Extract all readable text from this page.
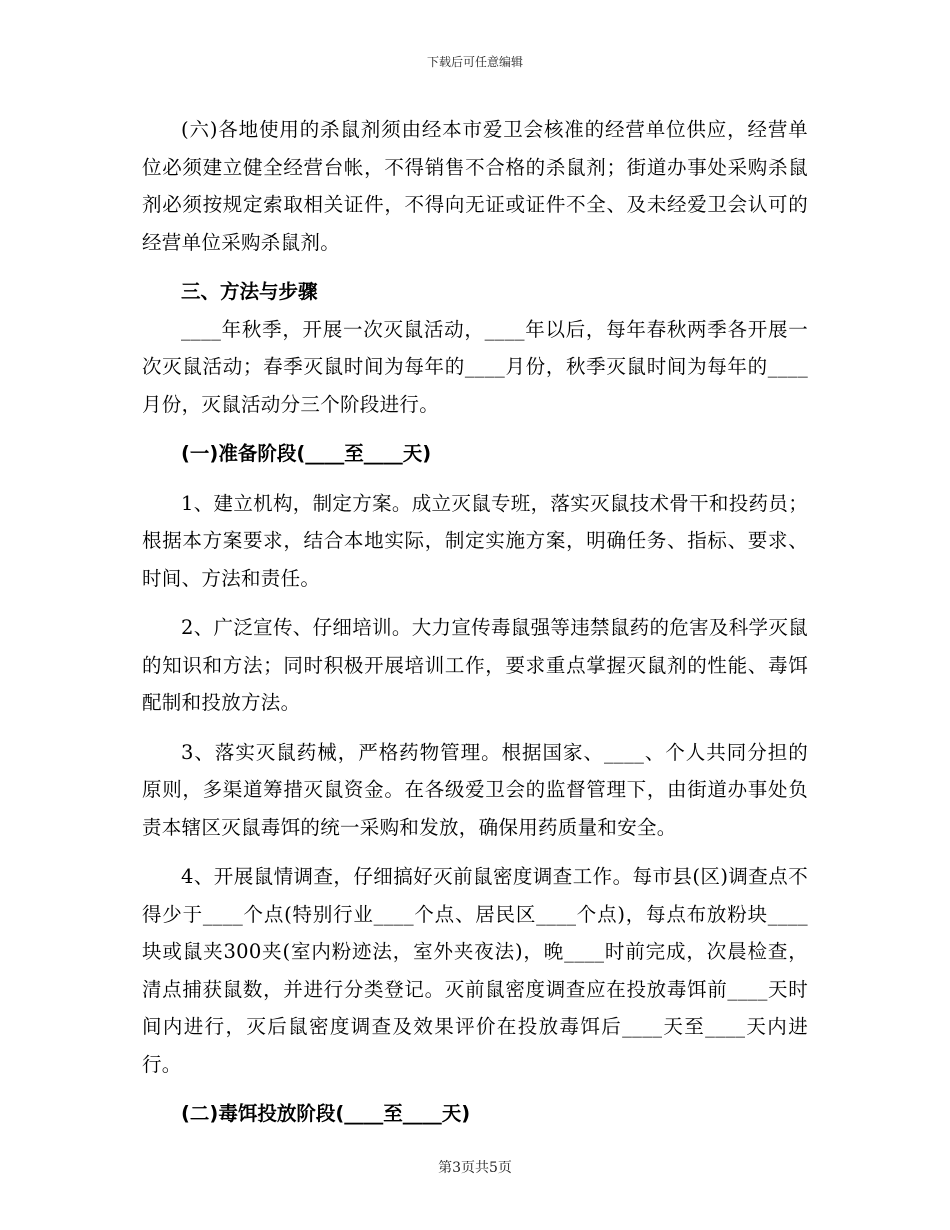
下载后可任意编辑

(六)各地使用的杀鼠剂须由经本市爱卫会核准的经营单位供应，经营单位必须建立健全经营台帐，不得销售不合格的杀鼠剂；街道办事处采购杀鼠剂必须按规定索取相关证件，不得向无证或证件不全、及未经爱卫会认可的经营单位采购杀鼠剂。

三、方法与步骤

____年秋季，开展一次灭鼠活动，____年以后，每年春秋两季各开展一次灭鼠活动；春季灭鼠时间为每年的____月份，秋季灭鼠时间为每年的____月份，灭鼠活动分三个阶段进行。

(一)准备阶段(____至____天)

1、建立机构，制定方案。成立灭鼠专班，落实灭鼠技术骨干和投药员；根据本方案要求，结合本地实际，制定实施方案，明确任务、指标、要求、时间、方法和责任。

2、广泛宣传、仔细培训。大力宣传毒鼠强等违禁鼠药的危害及科学灭鼠的知识和方法；同时积极开展培训工作，要求重点掌握灭鼠剂的性能、毒饵配制和投放方法。

3、落实灭鼠药械，严格药物管理。根据国家、____、个人共同分担的原则，多渠道筹措灭鼠资金。在各级爱卫会的监督管理下，由街道办事处负责本辖区灭鼠毒饵的统一采购和发放，确保用药质量和安全。

4、开展鼠情调查，仔细搞好灭前鼠密度调查工作。每市县(区)调查点不得少于____个点(特别行业____个点、居民区____个点)，每点布放粉块____块或鼠夹300夹(室内粉迹法，室外夹夜法)，晚____时前完成，次晨检查，清点捕获鼠数，并进行分类登记。灭前鼠密度调查应在投放毒饵前____天时间内进行，灭后鼠密度调查及效果评价在投放毒饵后____天至____天内进行。

(二)毒饵投放阶段(____至____天)

第3页共5页
